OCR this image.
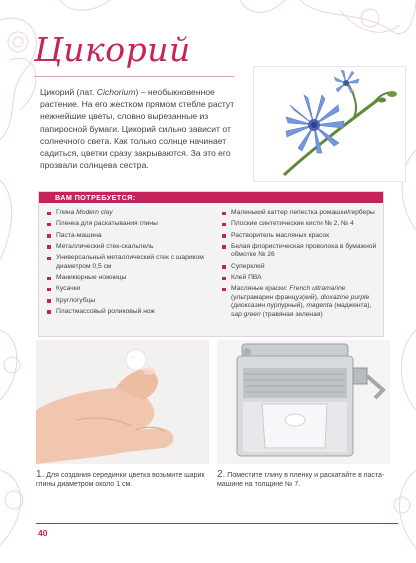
Цикорий
Цикорий (лат. Cichorium) – необыкновенное растение. На его жестком прямом стебле растут нежнейшие цветы, словно вырезанные из папиросной бумаги. Цикорий сильно зависит от солнечного света. Как только солнце начинает садиться, цветки сразу закрываются. За это его прозвали солнцева сестра.
ВАМ ПОТРЕБУЕТСЯ:
Глина Modern clay
Пленка для раскатывания глины
Паста-машина
Металлический стек-скальпель
Универсальный металлический стек с шариком диаметром 0,5 см
Маникюрные ножницы
Кусачки
Круглогубцы
Пластмассовый роликовый нож
Маленький каттер лепестка ромашки/герберы
Плоские синтетические кисти № 2, № 4
Растворитель масляных красок
Белая флористическая проволока в бумажной обмотке № 26
Суперклей
Клей ПВА
Масляные краски: French ultramarine (ультрамарин француз(кий), dioxazine purple (диоксазин пурпурный), magenta (маджента), sap green (травяная зеленая)
1. Для создания серединки цветка возьмите шарик глины диаметром около 1 см.
2. Поместите глину в пленку и раскатайте в паста-машине на толщине № 7.
40
